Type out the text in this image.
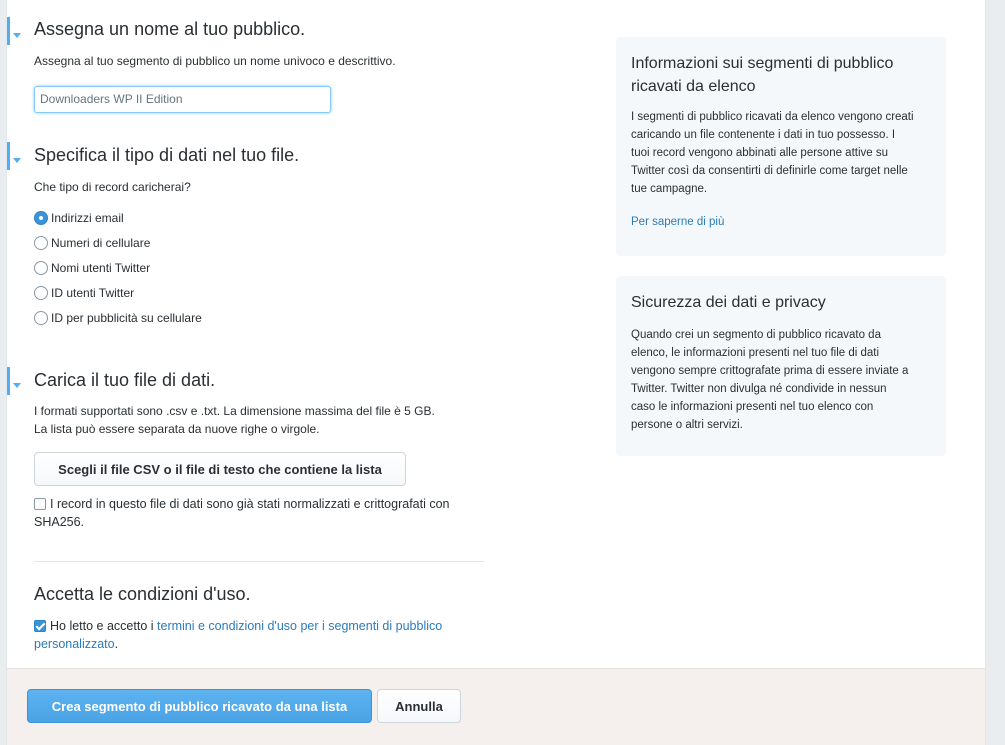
Assegna un nome al tuo pubblico.
Assegna al tuo segmento di pubblico un nome univoco e descrittivo.
Downloaders WP II Edition
Specifica il tipo di dati nel tuo file.
Che tipo di record caricherai?
Indirizzi email
Numeri di cellulare
Nomi utenti Twitter
ID utenti Twitter
ID per pubblicità su cellulare
Carica il tuo file di dati.
I formati supportati sono .csv e .txt. La dimensione massima del file è 5 GB.
La lista può essere separata da nuove righe o virgole.
Scegli il file CSV o il file di testo che contiene la lista
I record in questo file di dati sono già stati normalizzati e crittografati con
SHA256.
Accetta le condizioni d'uso.
Ho letto e accetto i termini e condizioni d'uso per i segmenti di pubblico
personalizzato.
Crea segmento di pubblico ricavato da una lista	Annulla
Informazioni sui segmenti di pubblico
ricavati da elenco

I segmenti di pubblico ricavati da elenco vengono creati

caricando un file contenente i dati in tuo possesso. I

tuoi record vengono abbinati alle persone attive su

Twitter così da consentirti di definirle come target nelle

tue campagne.

Per saperne di più

Sicurezza dei dati e privacy

Quando crei un segmento di pubblico ricavato da

elenco, le informazioni presenti nel tuo file di dati

vengono sempre crittografate prima di essere inviate a

Twitter. Twitter non divulga né condivide in nessun

caso le informazioni presenti nel tuo elenco con

persone o altri servizi.
